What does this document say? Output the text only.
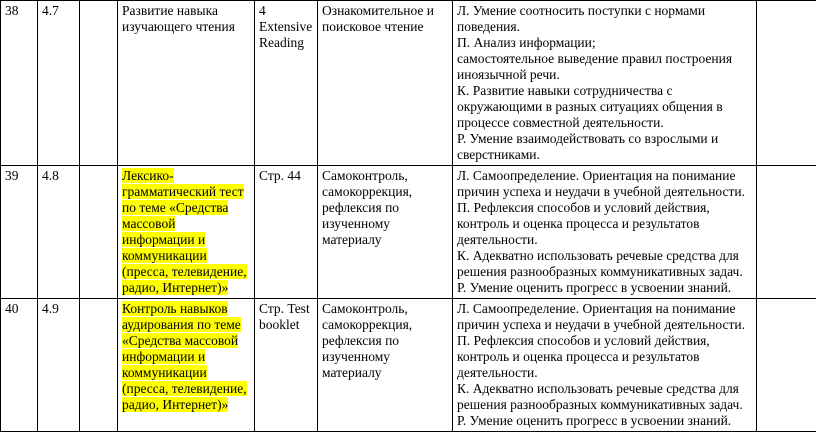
38	4.7		Развитие навыка изучающего чтения	4 Extensive Reading	Ознакомительное и поисковое чтение	Л. Умение соотносить поступки с нормами поведения.
П. Анализ информации;
самостоятельное выведение правил построения иноязычной речи.
К. Развитие навыки сотрудничества с окружающими в разных ситуациях общения в процессе совместной деятельности.
Р. Умение взаимодействовать со взрослыми и сверстниками.	

39	4.8		Лексико-грамматический тест по теме «Средства массовой информации и коммуникации (пресса, телевидение, радио, Интернет)»	Стр. 44	Самоконтроль, самокоррекция, рефлексия по изученному материалу	Л. Самоопределение. Ориентация на понимание причин успеха и неудачи в учебной деятельности.
П. Рефлексия способов и условий действия, контроль и оценка процесса и результатов деятельности.
К. Адекватно использовать речевые средства для решения разнообразных коммуникативных задач.
Р. Умение оценить прогресс в усвоении знаний.	

40	4.9		Контроль навыков аудирования по теме «Средства массовой информации и коммуникации (пресса, телевидение, радио, Интернет)»	Стр. Test booklet	Самоконтроль, самокоррекция, рефлексия по изученному материалу	Л. Самоопределение. Ориентация на понимание причин успеха и неудачи в учебной деятельности.
П. Рефлексия способов и условий действия, контроль и оценка процесса и результатов деятельности.
К. Адекватно использовать речевые средства для решения разнообразных коммуникативных задач.
Р. Умение оценить прогресс в усвоении знаний.	
